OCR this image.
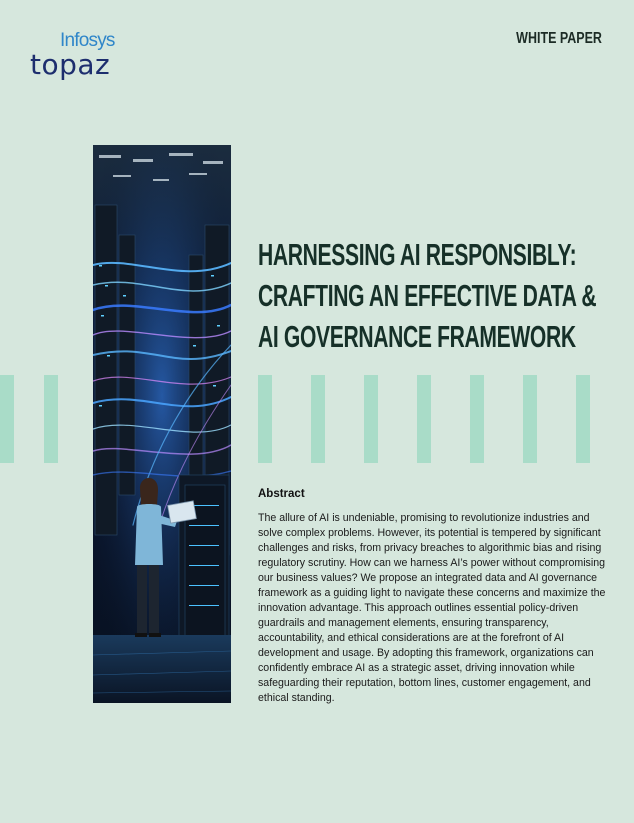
Infosys
topaz
WHITE PAPER
HARNESSING AI RESPONSIBLY:
CRAFTING AN EFFECTIVE DATA &
AI GOVERNANCE FRAMEWORK
Abstract

The allure of AI is undeniable, promising to revolutionize industries and solve complex problems. However, its potential is tempered by significant challenges and risks, from privacy breaches to algorithmic bias and rising regulatory scrutiny. How can we harness AI’s power without compromising our business values? We propose an integrated data and AI governance framework as a guiding light to navigate these concerns and maximize the innovation advantage. This approach outlines essential policy-driven guardrails and management elements, ensuring transparency, accountability, and ethical considerations are at the forefront of AI development and usage. By adopting this framework, organizations can confidently embrace AI as a strategic asset, driving innovation while safeguarding their reputation, bottom lines, customer engagement, and ethical standing.
